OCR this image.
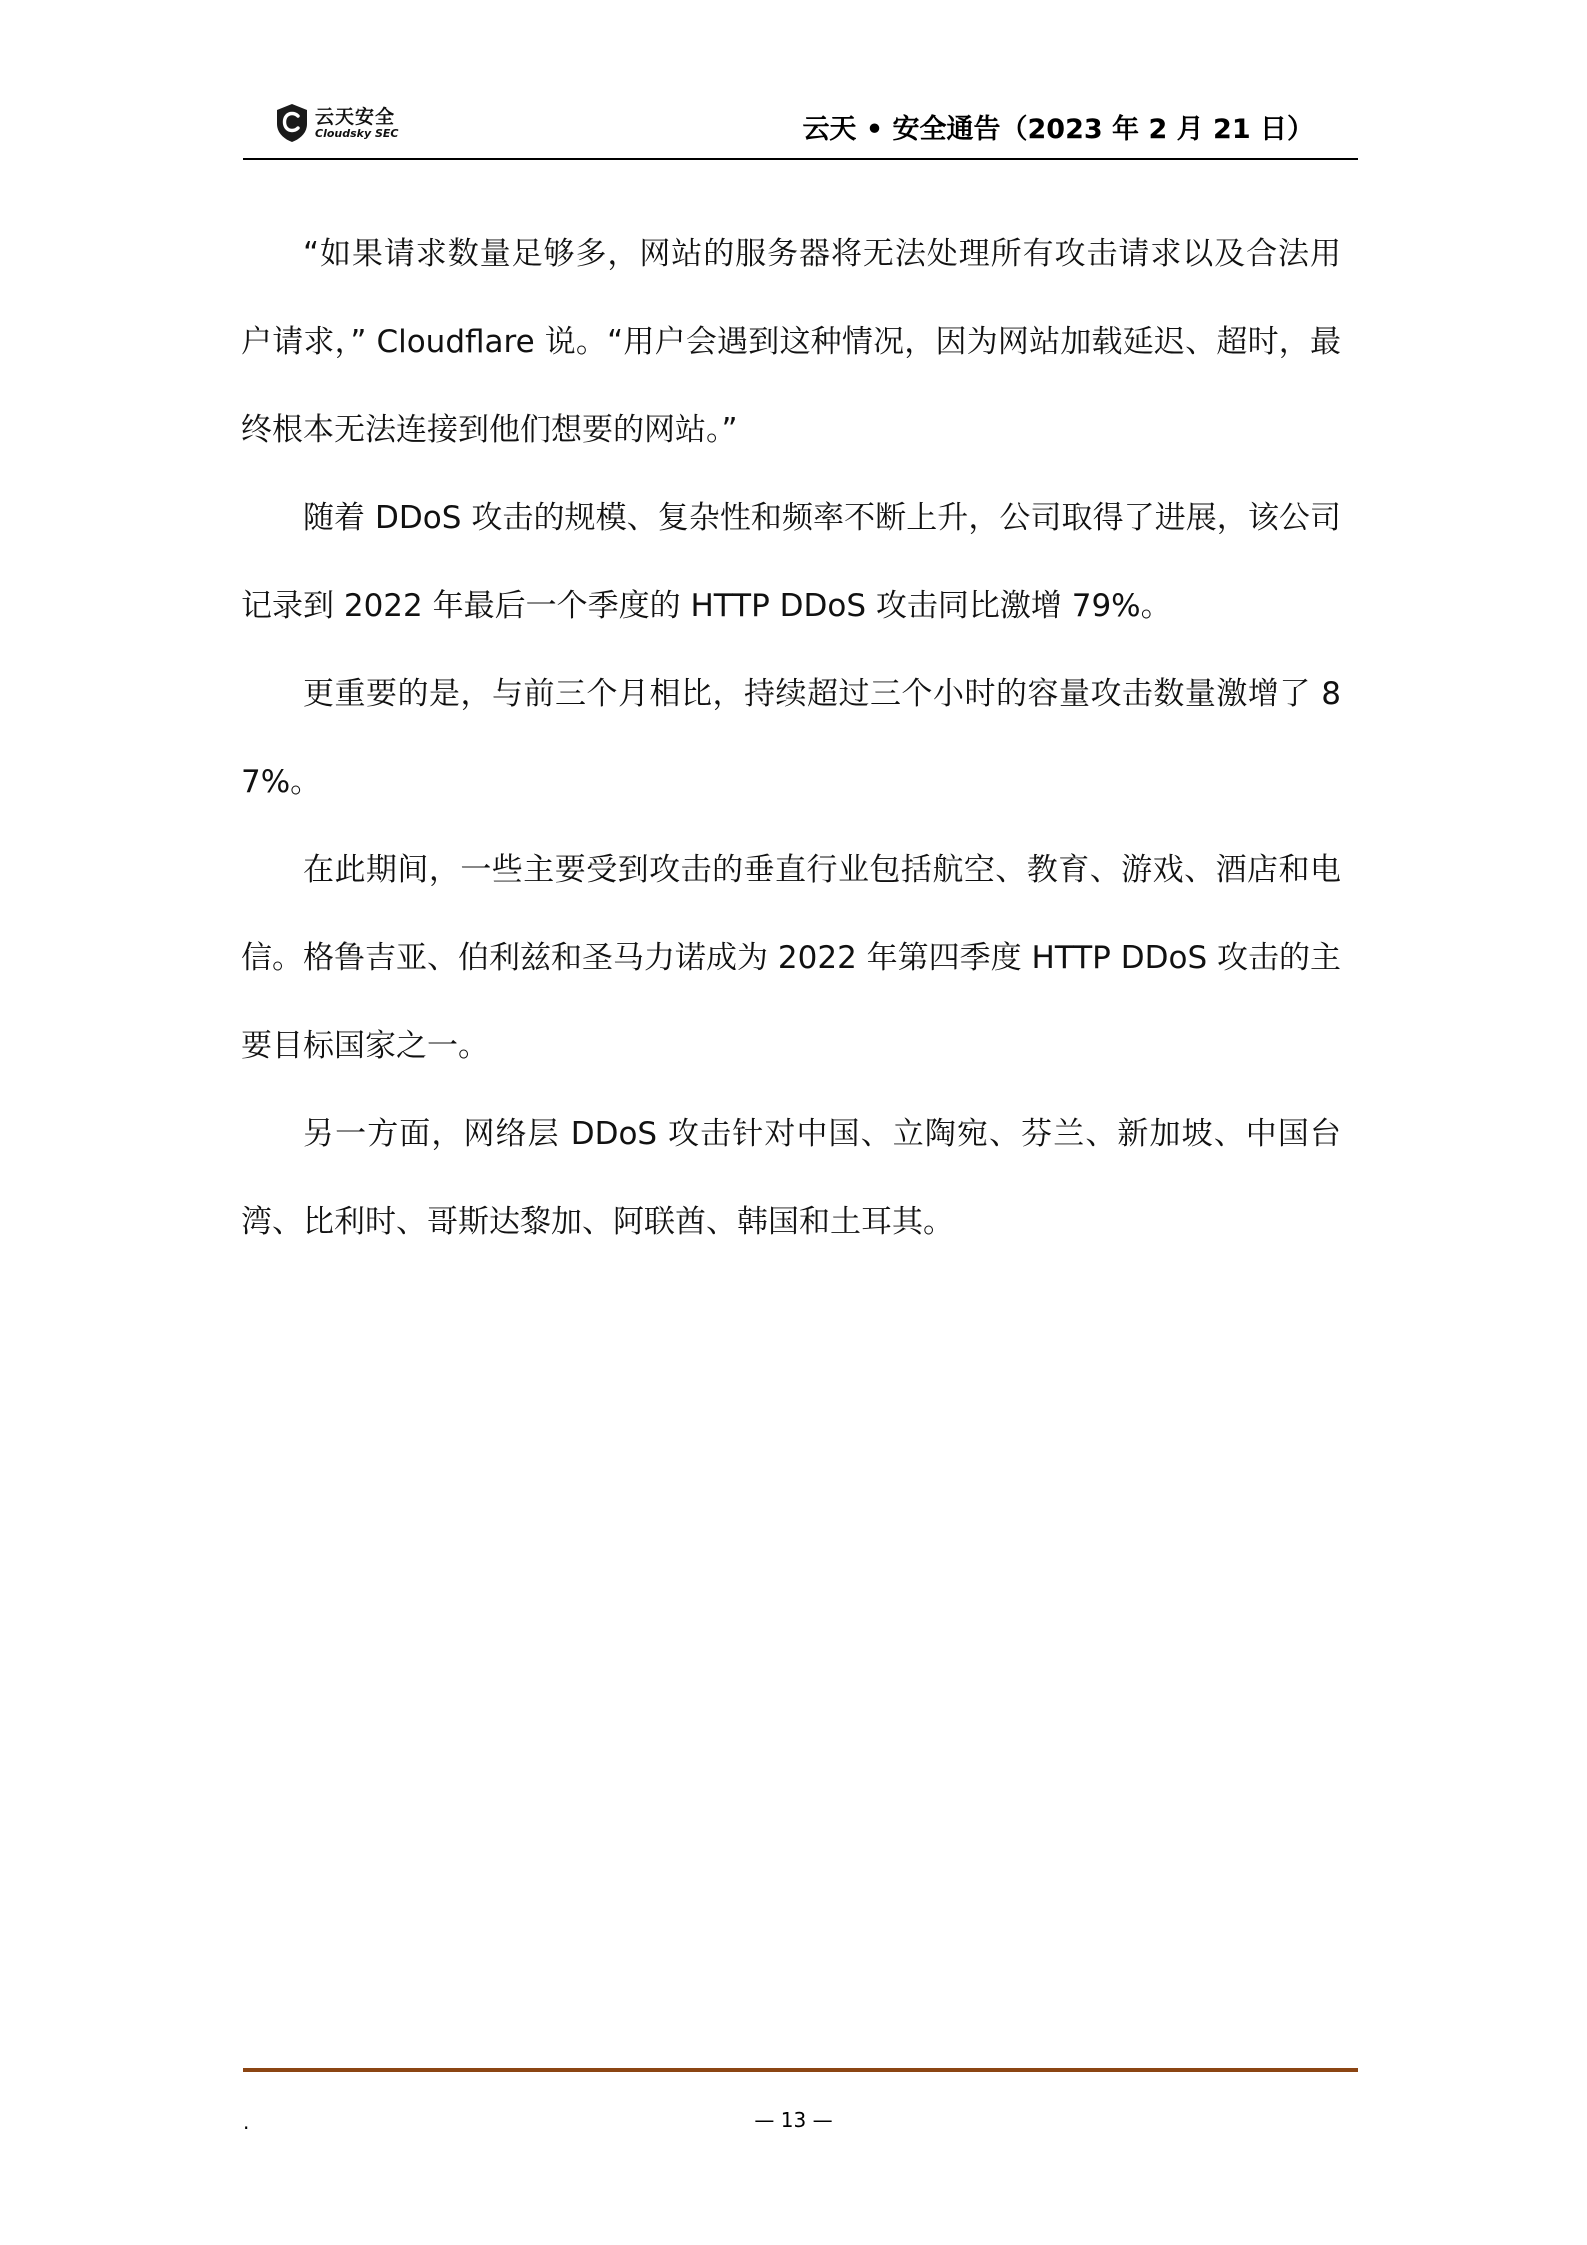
云天安全
Cloudsky SEC	云天 • 安全通告（2023 年 2 月 21 日）

“如果请求数量足够多，网站的服务器将无法处理所有攻击请求以及合法用户请求，” Cloudflare 说。“用户会遇到这种情况，因为网站加载延迟、超时，最终根本无法连接到他们想要的网站。”

随着 DDoS 攻击的规模、复杂性和频率不断上升，公司取得了进展，该公司记录到 2022 年最后一个季度的 HTTP DDoS 攻击同比激增 79%。

更重要的是，与前三个月相比，持续超过三个小时的容量攻击数量激增了 87%。

在此期间，一些主要受到攻击的垂直行业包括航空、教育、游戏、酒店和电信。格鲁吉亚、伯利兹和圣马力诺成为 2022 年第四季度 HTTP DDoS 攻击的主要目标国家之一。

另一方面，网络层 DDoS 攻击针对中国、立陶宛、芬兰、新加坡、中国台湾、比利时、哥斯达黎加、阿联酋、韩国和土耳其。

.	— 13 —
